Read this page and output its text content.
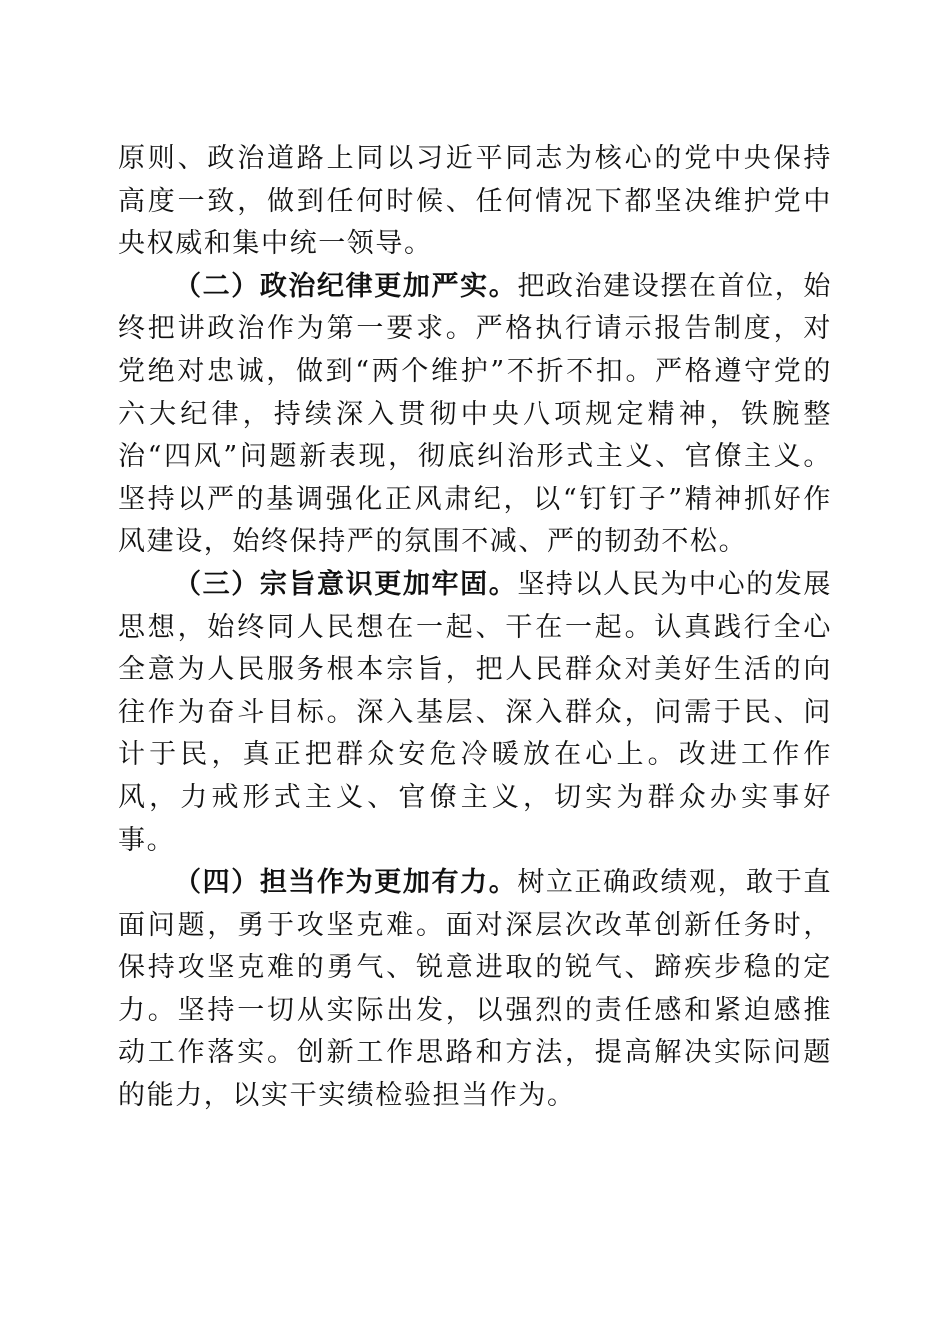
原则、政治道路上同以习近平同志为核心的党中央保持高度一致，做到任何时候、任何情况下都坚决维护党中央权威和集中统一领导。

（二）政治纪律更加严实。把政治建设摆在首位，始终把讲政治作为第一要求。严格执行请示报告制度，对党绝对忠诚，做到“两个维护”不折不扣。严格遵守党的六大纪律，持续深入贯彻中央八项规定精神，铁腕整治“四风”问题新表现，彻底纠治形式主义、官僚主义。坚持以严的基调强化正风肃纪，以“钉钉子”精神抓好作风建设，始终保持严的氛围不减、严的韧劲不松。

（三）宗旨意识更加牢固。坚持以人民为中心的发展思想，始终同人民想在一起、干在一起。认真践行全心全意为人民服务根本宗旨，把人民群众对美好生活的向往作为奋斗目标。深入基层、深入群众，问需于民、问计于民，真正把群众安危冷暖放在心上。改进工作作风，力戒形式主义、官僚主义，切实为群众办实事好事。

（四）担当作为更加有力。树立正确政绩观，敢于直面问题，勇于攻坚克难。面对深层次改革创新任务时，保持攻坚克难的勇气、锐意进取的锐气、蹄疾步稳的定力。坚持一切从实际出发，以强烈的责任感和紧迫感推动工作落实。创新工作思路和方法，提高解决实际问题的能力，以实干实绩检验担当作为。
